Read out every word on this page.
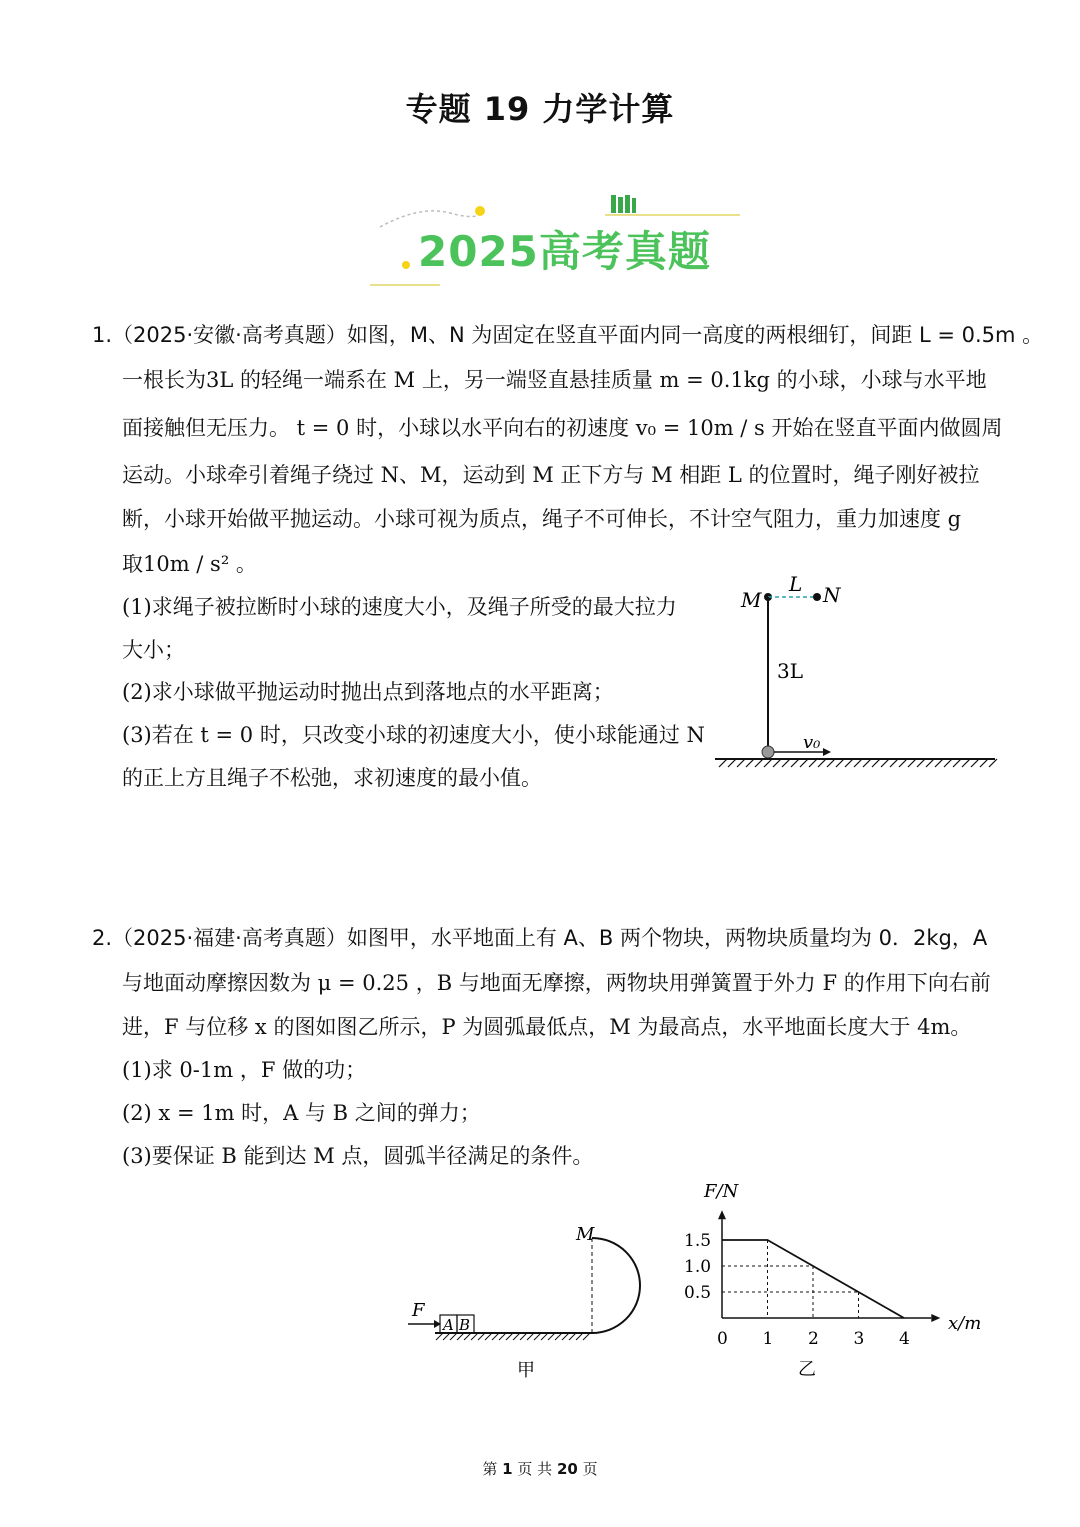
专题 19 力学计算
2025高考真题
1.（2025·安徽·高考真题）如图，M、N 为固定在竖直平面内同一高度的两根细钉，间距 L = 0.5m 。
一根长为3L 的轻绳一端系在 M 上，另一端竖直悬挂质量 m = 0.1kg 的小球，小球与水平地
面接触但无压力。 t = 0 时，小球以水平向右的初速度 v₀ = 10m / s 开始在竖直平面内做圆周
运动。小球牵引着绳子绕过 N、M，运动到 M 正下方与 M 相距 L 的位置时，绳子刚好被拉
断，小球开始做平抛运动。小球可视为质点，绳子不可伸长，不计空气阻力，重力加速度 g
取10m / s² 。
(1)求绳子被拉断时小球的速度大小，及绳子所受的最大拉力
大小；
(2)求小球做平抛运动时抛出点到落地点的水平距离；
(3)若在 t = 0 时，只改变小球的初速度大小，使小球能通过 N
的正上方且绳子不松弛，求初速度的最小值。
M
L N
3L
v₀
2.（2025·福建·高考真题）如图甲，水平地面上有 A、B 两个物块，两物块质量均为 0．2kg，A
与地面动摩擦因数为 μ = 0.25 ，B 与地面无摩擦，两物块用弹簧置于外力 F 的作用下向右前
进，F 与位移 x 的图如图乙所示，P 为圆弧最低点，M 为最高点，水平地面长度大于 4m。
(1)求 0-1m ，F 做的功；
(2) x = 1m 时，A 与 B 之间的弹力；
(3)要保证 B 能到达 M 点，圆弧半径满足的条件。
M
A B
F
甲
0 1 2 3 4
0.5
1.0
1.5
F/N
x/m
乙
第 1 页 共 20 页
